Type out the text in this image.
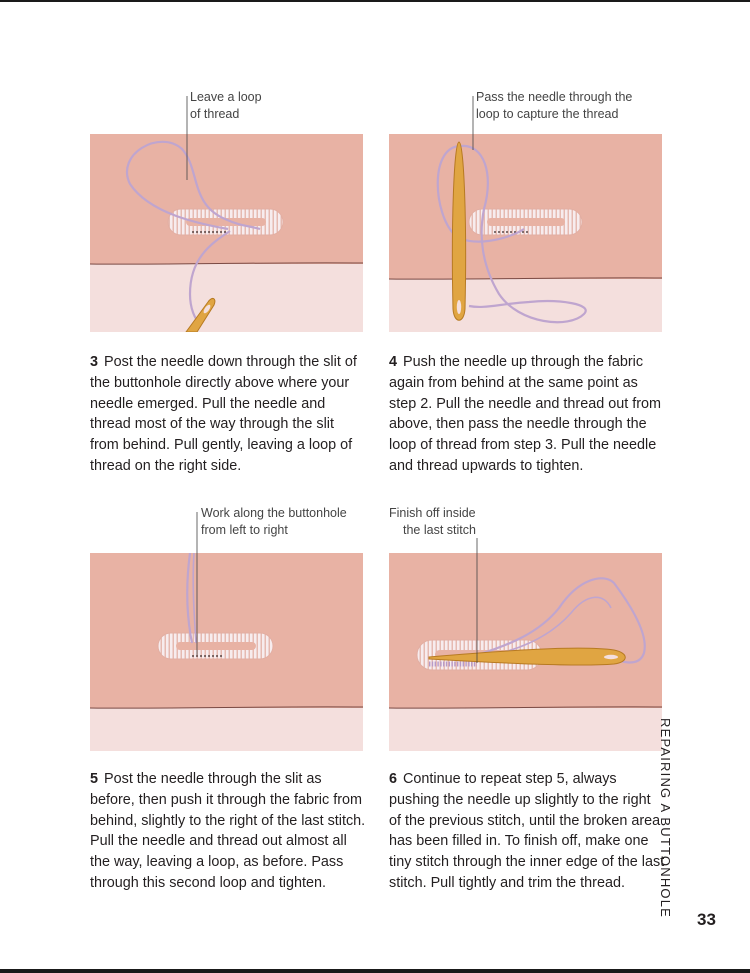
Leave a loop
of thread
Pass the needle through the
loop to capture the thread
3 Post the needle down through the slit of the buttonhole directly above where your needle emerged. Pull the needle and thread most of the way through the slit from behind. Pull gently, leaving a loop of thread on the right side.
4 Push the needle up through the fabric again from behind at the same point as step 2. Pull the needle and thread out from above, then pass the needle through the loop of thread from step 3. Pull the needle and thread upwards to tighten.
Work along the buttonhole
from left to right
Finish off inside
the last stitch
5 Post the needle through the slit as before, then push it through the fabric from behind, slightly to the right of the last stitch. Pull the needle and thread out almost all the way, leaving a loop, as before. Pass through this second loop and tighten.
6 Continue to repeat step 5, always pushing the needle up slightly to the right of the previous stitch, until the broken area has been filled in. To finish off, make one tiny stitch through the inner edge of the last stitch. Pull tightly and trim the thread.	REPAIRING A BUTTONHOLE
33
